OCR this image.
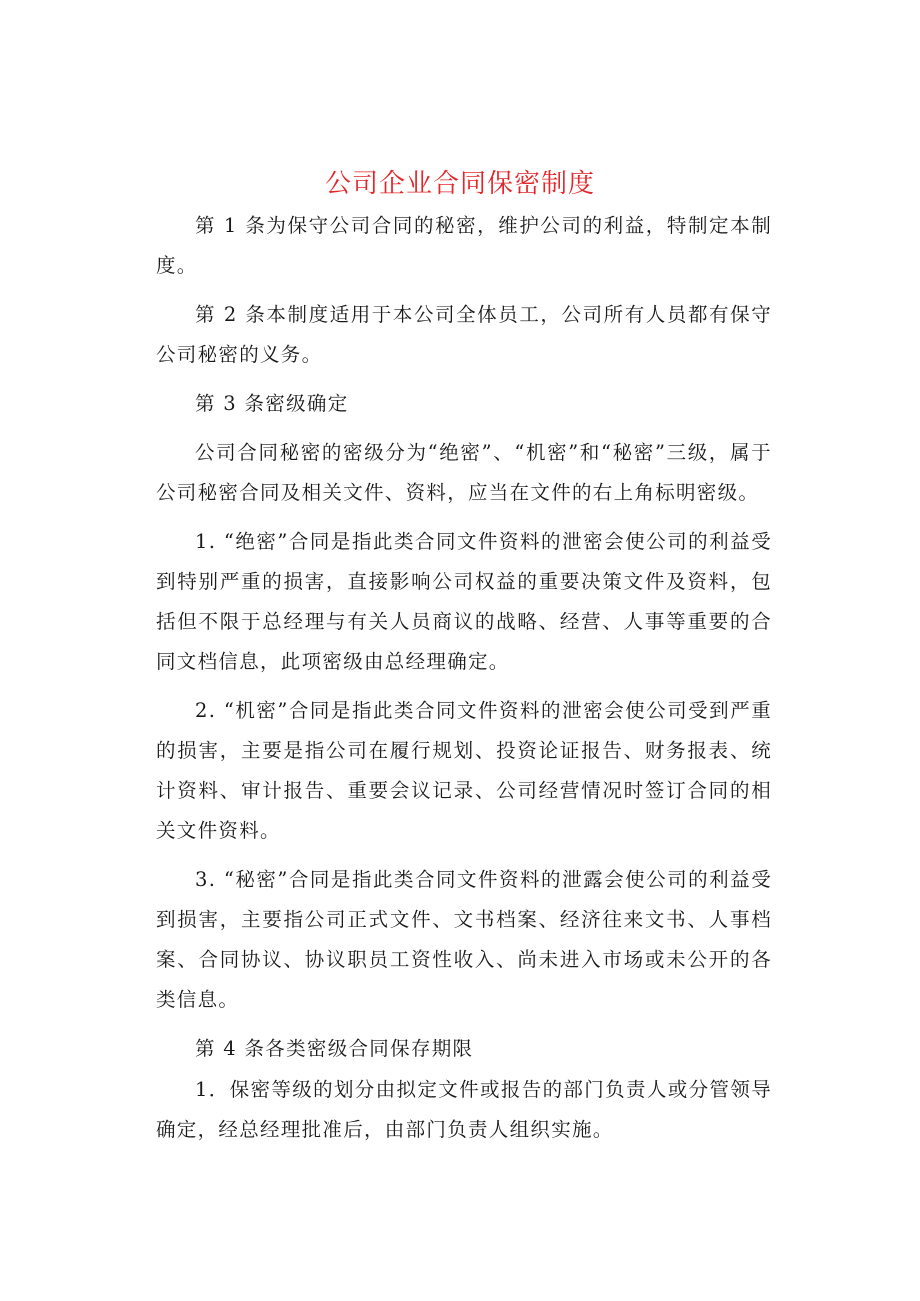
公司企业合同保密制度

第 1 条为保守公司合同的秘密，维护公司的利益，特制定本制度。

第 2 条本制度适用于本公司全体员工，公司所有人员都有保守公司秘密的义务。

第 3 条密级确定

公司合同秘密的密级分为“绝密”、“机密”和“秘密”三级，属于公司秘密合同及相关文件、资料，应当在文件的右上角标明密级。

1. “绝密”合同是指此类合同文件资料的泄密会使公司的利益受到特别严重的损害，直接影响公司权益的重要决策文件及资料，包括但不限于总经理与有关人员商议的战略、经营、人事等重要的合同文档信息，此项密级由总经理确定。

2. “机密”合同是指此类合同文件资料的泄密会使公司受到严重的损害，主要是指公司在履行规划、投资论证报告、财务报表、统计资料、审计报告、重要会议记录、公司经营情况时签订合同的相关文件资料。

3. “秘密”合同是指此类合同文件资料的泄露会使公司的利益受到损害，主要指公司正式文件、文书档案、经济往来文书、人事档案、合同协议、协议职员工资性收入、尚未进入市场或未公开的各类信息。

第 4 条各类密级合同保存期限

1．保密等级的划分由拟定文件或报告的部门负责人或分管领导确定，经总经理批准后，由部门负责人组织实施。
